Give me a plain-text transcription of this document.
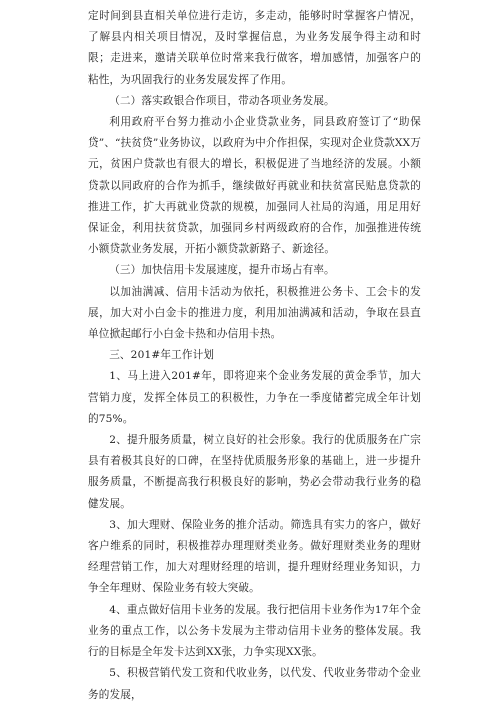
定时间到县直相关单位进行走访，多走动，能够时时掌握客户情况，了解县内相关项目情况，及时掌握信息，为业务发展争得主动和时限；走进来，邀请关联单位时常来我行做客，增加感情，加强客户的粘性，为巩固我行的业务发展发挥了作用。

（二）落实政银合作项目，带动各项业务发展。

利用政府平台努力推动小企业贷款业务，同县政府签订了“助保贷”、“扶贫贷”业务协议，以政府为中介作担保，实现对企业贷款XX万元，贫困户贷款也有很大的增长，积极促进了当地经济的发展。小额贷款以同政府的合作为抓手，继续做好再就业和扶贫富民贴息贷款的推进工作，扩大再就业贷款的规模，加强同人社局的沟通，用足用好保证金，利用扶贫贷款，加强同乡村两级政府的合作，加强推进传统小额贷款业务发展，开拓小额贷款新路子、新途径。

（三）加快信用卡发展速度，提升市场占有率。

以加油满减、信用卡活动为依托，积极推进公务卡、工会卡的发展，加大对小白金卡的推进力度，利用加油满减和活动，争取在县直单位掀起邮行小白金卡热和办信用卡热。

三、201#年工作计划

1、马上进入201#年，即将迎来个金业务发展的黄金季节，加大营销力度，发挥全体员工的积极性，力争在一季度储蓄完成全年计划的75%。

2、提升服务质量，树立良好的社会形象。我行的优质服务在广宗县有着极其良好的口碑，在坚持优质服务形象的基础上，进一步提升服务质量，不断提高我行积极良好的影响，势必会带动我行业务的稳健发展。

3、加大理财、保险业务的推介活动。筛选具有实力的客户，做好客户维系的同时，积极推荐办理理财类业务。做好理财类业务的理财经理营销工作，加大对理财经理的培训，提升理财经理业务知识，力争全年理财、保险业务有较大突破。

4、重点做好信用卡业务的发展。我行把信用卡业务作为17年个金业务的重点工作，以公务卡发展为主带动信用卡业务的整体发展。我行的目标是全年发卡达到XX张，力争实现XX张。

5、积极营销代发工资和代收业务，以代发、代收业务带动个金业务的发展，
